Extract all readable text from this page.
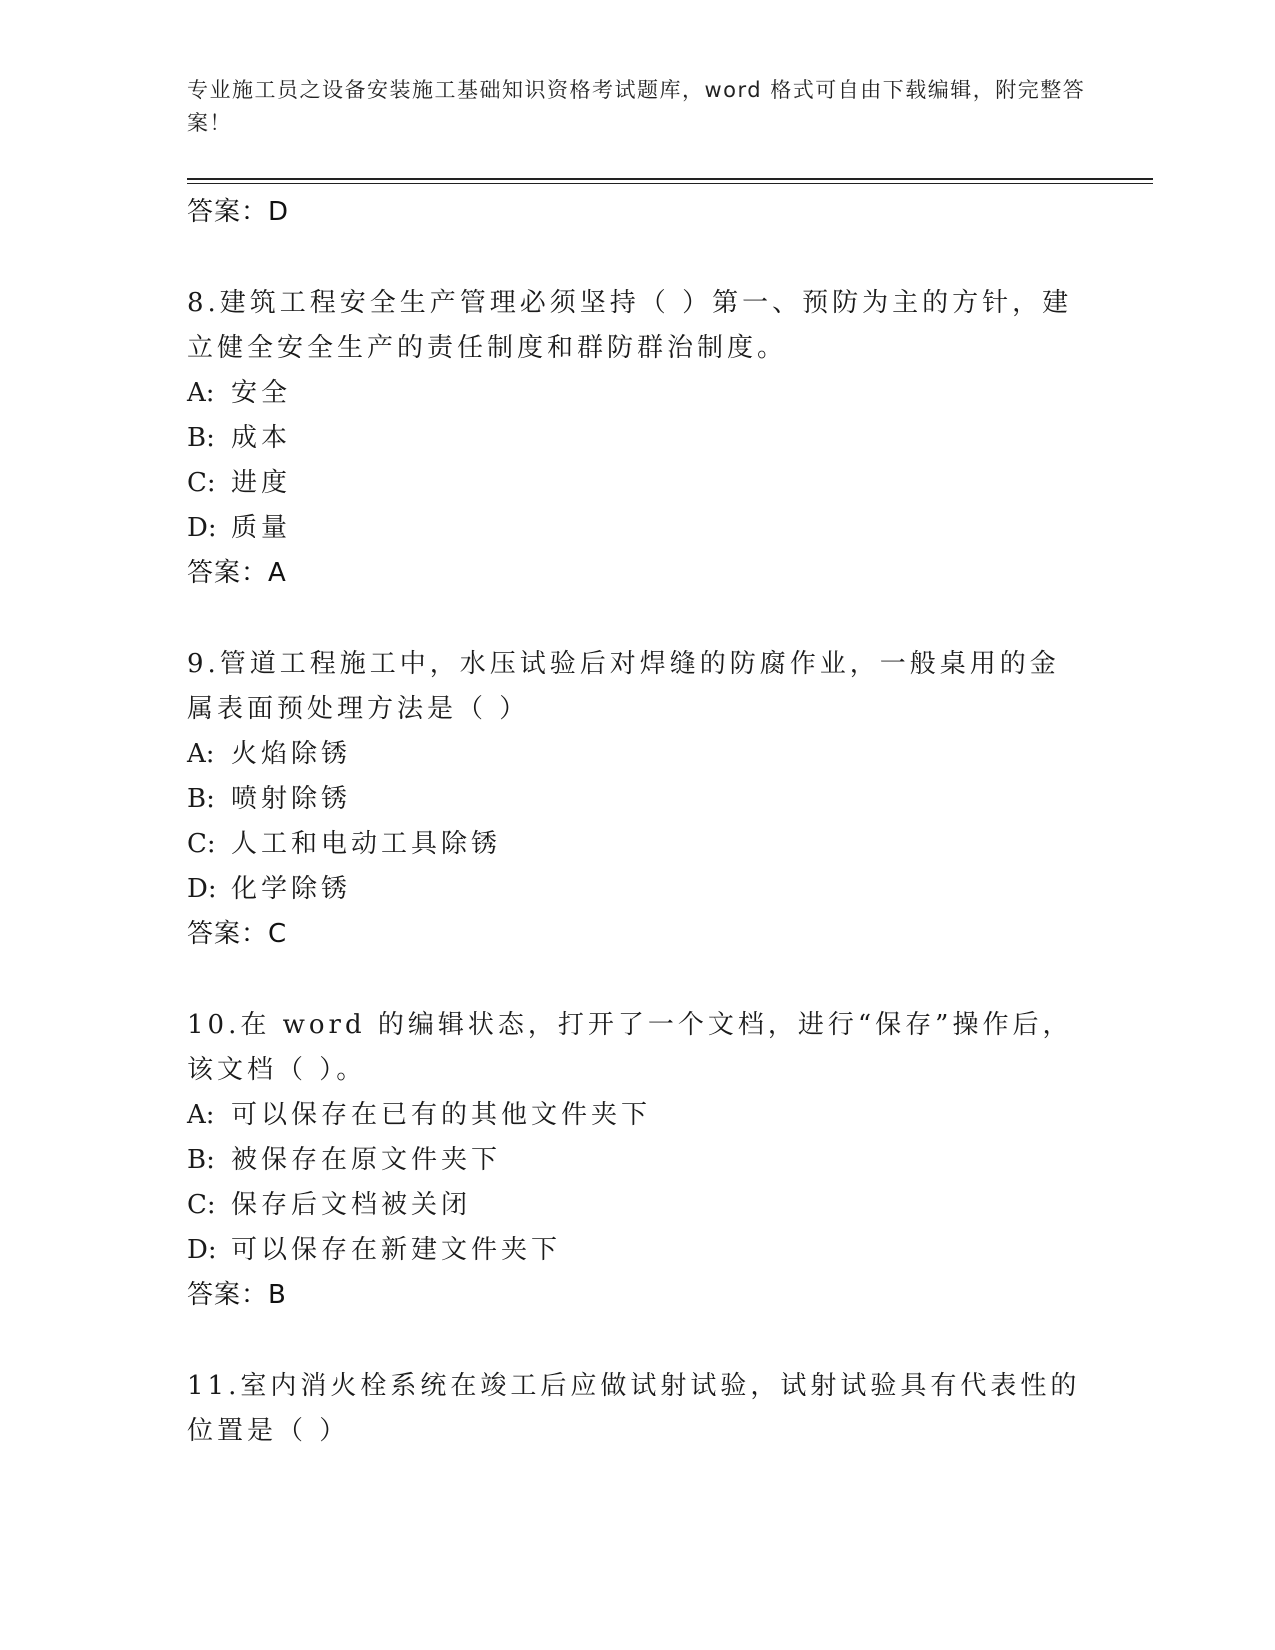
专业施工员之设备安装施工基础知识资格考试题库，word 格式可自由下载编辑，附完整答案！
答案：D
8.建筑工程安全生产管理必须坚持（ ）第一、预防为主的方针，建立健全安全生产的责任制度和群防群治制度。
A: 安全
B: 成本
C: 进度
D: 质量
答案：A
9.管道工程施工中，水压试验后对焊缝的防腐作业，一般桌用的金属表面预处理方法是（ ）
A: 火焰除锈
B: 喷射除锈
C: 人工和电动工具除锈
D: 化学除锈
答案：C
10.在 word 的编辑状态，打开了一个文档，进行“保存”操作后，该文档（ ）。
A: 可以保存在已有的其他文件夹下
B: 被保存在原文件夹下
C: 保存后文档被关闭
D: 可以保存在新建文件夹下
答案：B
11.室内消火栓系统在竣工后应做试射试验，试射试验具有代表性的位置是（ ）
